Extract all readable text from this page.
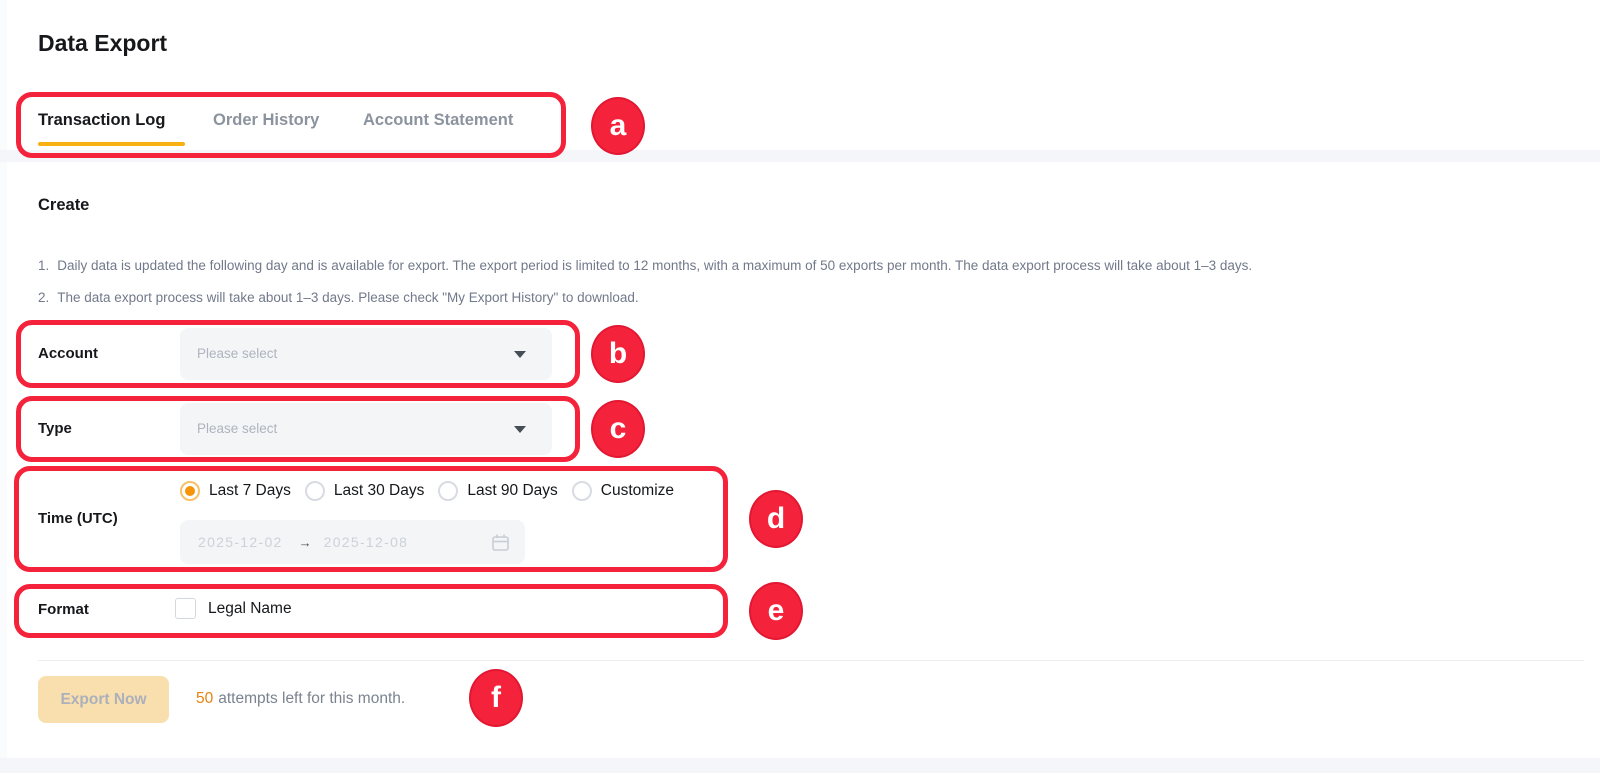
Data Export
Transaction Log	Order History	Account Statement
Create
1. Daily data is updated the following day and is available for export. The export period is limited to 12 months, with a maximum of 50 exports per month. The data export process will take about 1–3 days.
2. The data export process will take about 1–3 days. Please check "My Export History" to download.
Account	Please select
Type	Please select
Time (UTC)
Last 7 Days	Last 30 Days	Last 90 Days	Customize
2025-12-02 → 2025-12-08
Format	Legal Name
Export Now	50 attempts left for this month.
a
b
c
d
e
f
